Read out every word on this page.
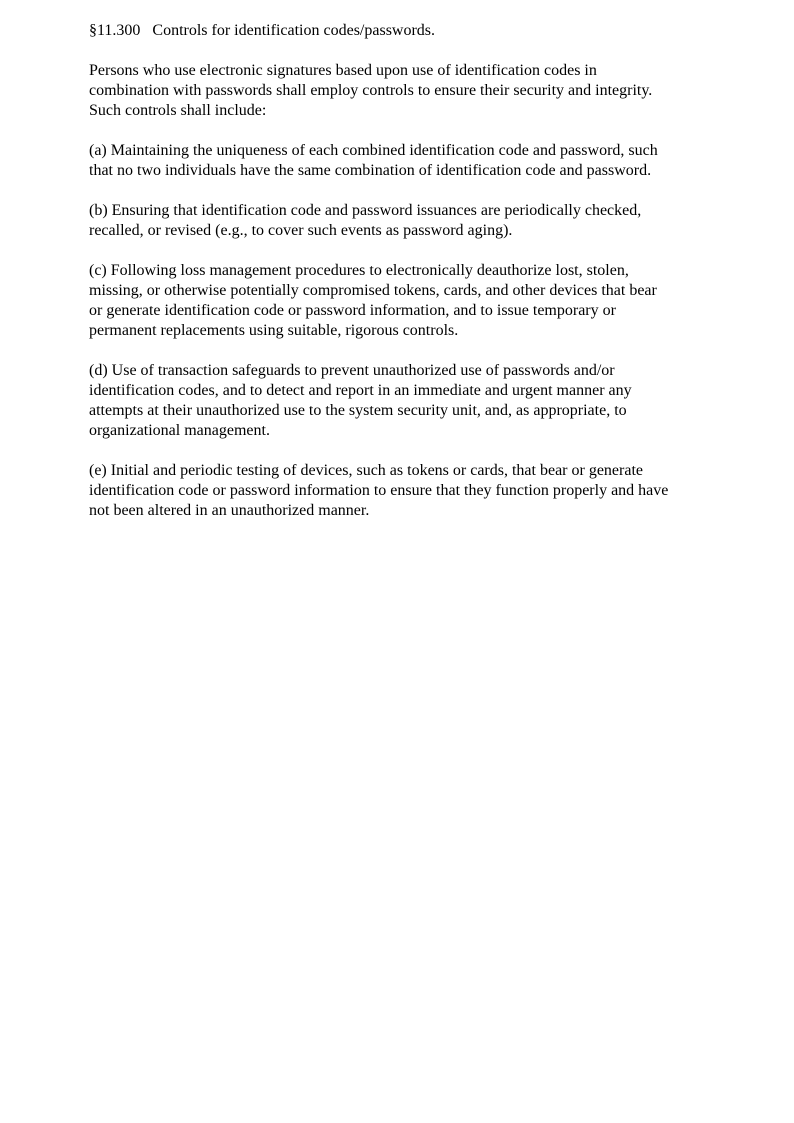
§11.300   Controls for identification codes/passwords.
Persons who use electronic signatures based upon use of identification codes in
combination with passwords shall employ controls to ensure their security and integrity.
Such controls shall include:
(a) Maintaining the uniqueness of each combined identification code and password, such
that no two individuals have the same combination of identification code and password.
(b) Ensuring that identification code and password issuances are periodically checked,
recalled, or revised (e.g., to cover such events as password aging).
(c) Following loss management procedures to electronically deauthorize lost, stolen,
missing, or otherwise potentially compromised tokens, cards, and other devices that bear
or generate identification code or password information, and to issue temporary or
permanent replacements using suitable, rigorous controls.
(d) Use of transaction safeguards to prevent unauthorized use of passwords and/or
identification codes, and to detect and report in an immediate and urgent manner any
attempts at their unauthorized use to the system security unit, and, as appropriate, to
organizational management.
(e) Initial and periodic testing of devices, such as tokens or cards, that bear or generate
identification code or password information to ensure that they function properly and have
not been altered in an unauthorized manner.
